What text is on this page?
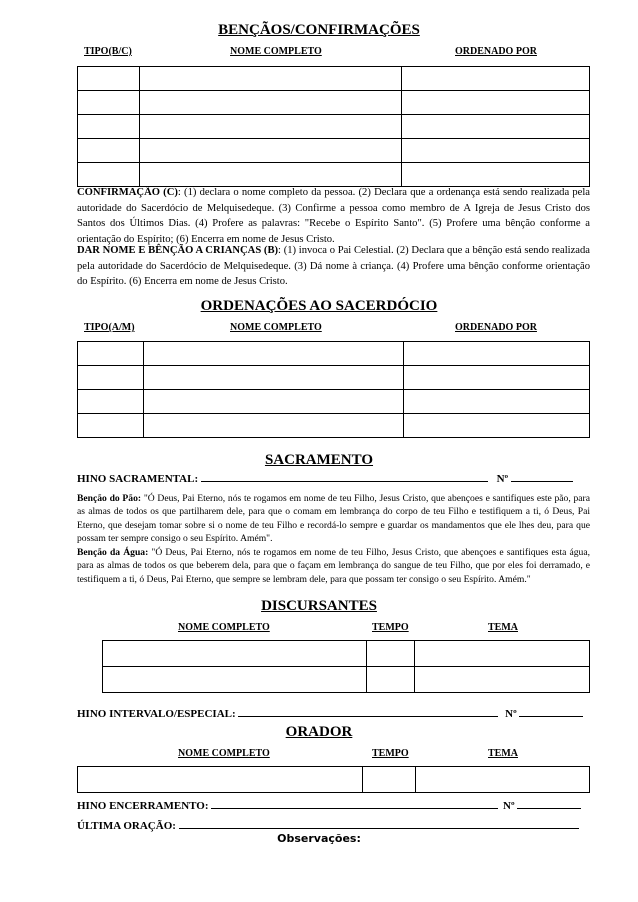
BENÇÃOS/CONFIRMAÇÕES
TIPO(B/C)	NOME COMPLETO	ORDENADO POR

CONFIRMAÇÃO (C): (1) declara o nome completo da pessoa. (2) Declara que a ordenança está sendo realizada pela autoridade do Sacerdócio de Melquisedeque. (3) Confirme a pessoa como membro de A Igreja de Jesus Cristo dos Santos dos Últimos Dias. (4) Profere as palavras: "Recebe o Espírito Santo". (5) Profere uma bênção conforme a orientação do Espírito; (6) Encerra em nome de Jesus Cristo.
DAR NOME E BÊNÇÃO A CRIANÇAS (B): (1) invoca o Pai Celestial. (2) Declara que a bênção está sendo realizada pela autoridade do Sacerdócio de Melquisedeque. (3) Dá nome à criança. (4) Profere uma bênção conforme orientação do Espírito. (6) Encerra em nome de Jesus Cristo.
ORDENAÇÕES AO SACERDÓCIO
TIPO(A/M)	NOME COMPLETO	ORDENADO POR

SACRAMENTO
HINO SACRAMENTAL:	Nº
Benção do Pão: "Ó Deus, Pai Eterno, nós te rogamos em nome de teu Filho, Jesus Cristo, que abençoes e santifiques este pão, para as almas de todos os que partilharem dele, para que o comam em lembrança do corpo de teu Filho e testifiquem a ti, ó Deus, Pai Eterno, que desejam tomar sobre si o nome de teu Filho e recordá-lo sempre e guardar os mandamentos que ele lhes deu, para que possam ter sempre consigo o seu Espírito. Amém".
Benção da Água: "Ó Deus, Pai Eterno, nós te rogamos em nome de teu Filho, Jesus Cristo, que abençoes e santifiques esta água, para as almas de todos os que beberem dela, para que o façam em lembrança do sangue de teu Filho, que por eles foi derramado, e testifiquem a ti, ó Deus, Pai Eterno, que sempre se lembram dele, para que possam ter consigo o seu Espírito. Amém."
DISCURSANTES
NOME COMPLETO	TEMPO	TEMA

HINO INTERVALO/ESPECIAL:	Nº
ORADOR
NOME COMPLETO	TEMPO	TEMA

HINO ENCERRAMENTO:	Nº
ÚLTIMA ORAÇÃO:
Observações:
